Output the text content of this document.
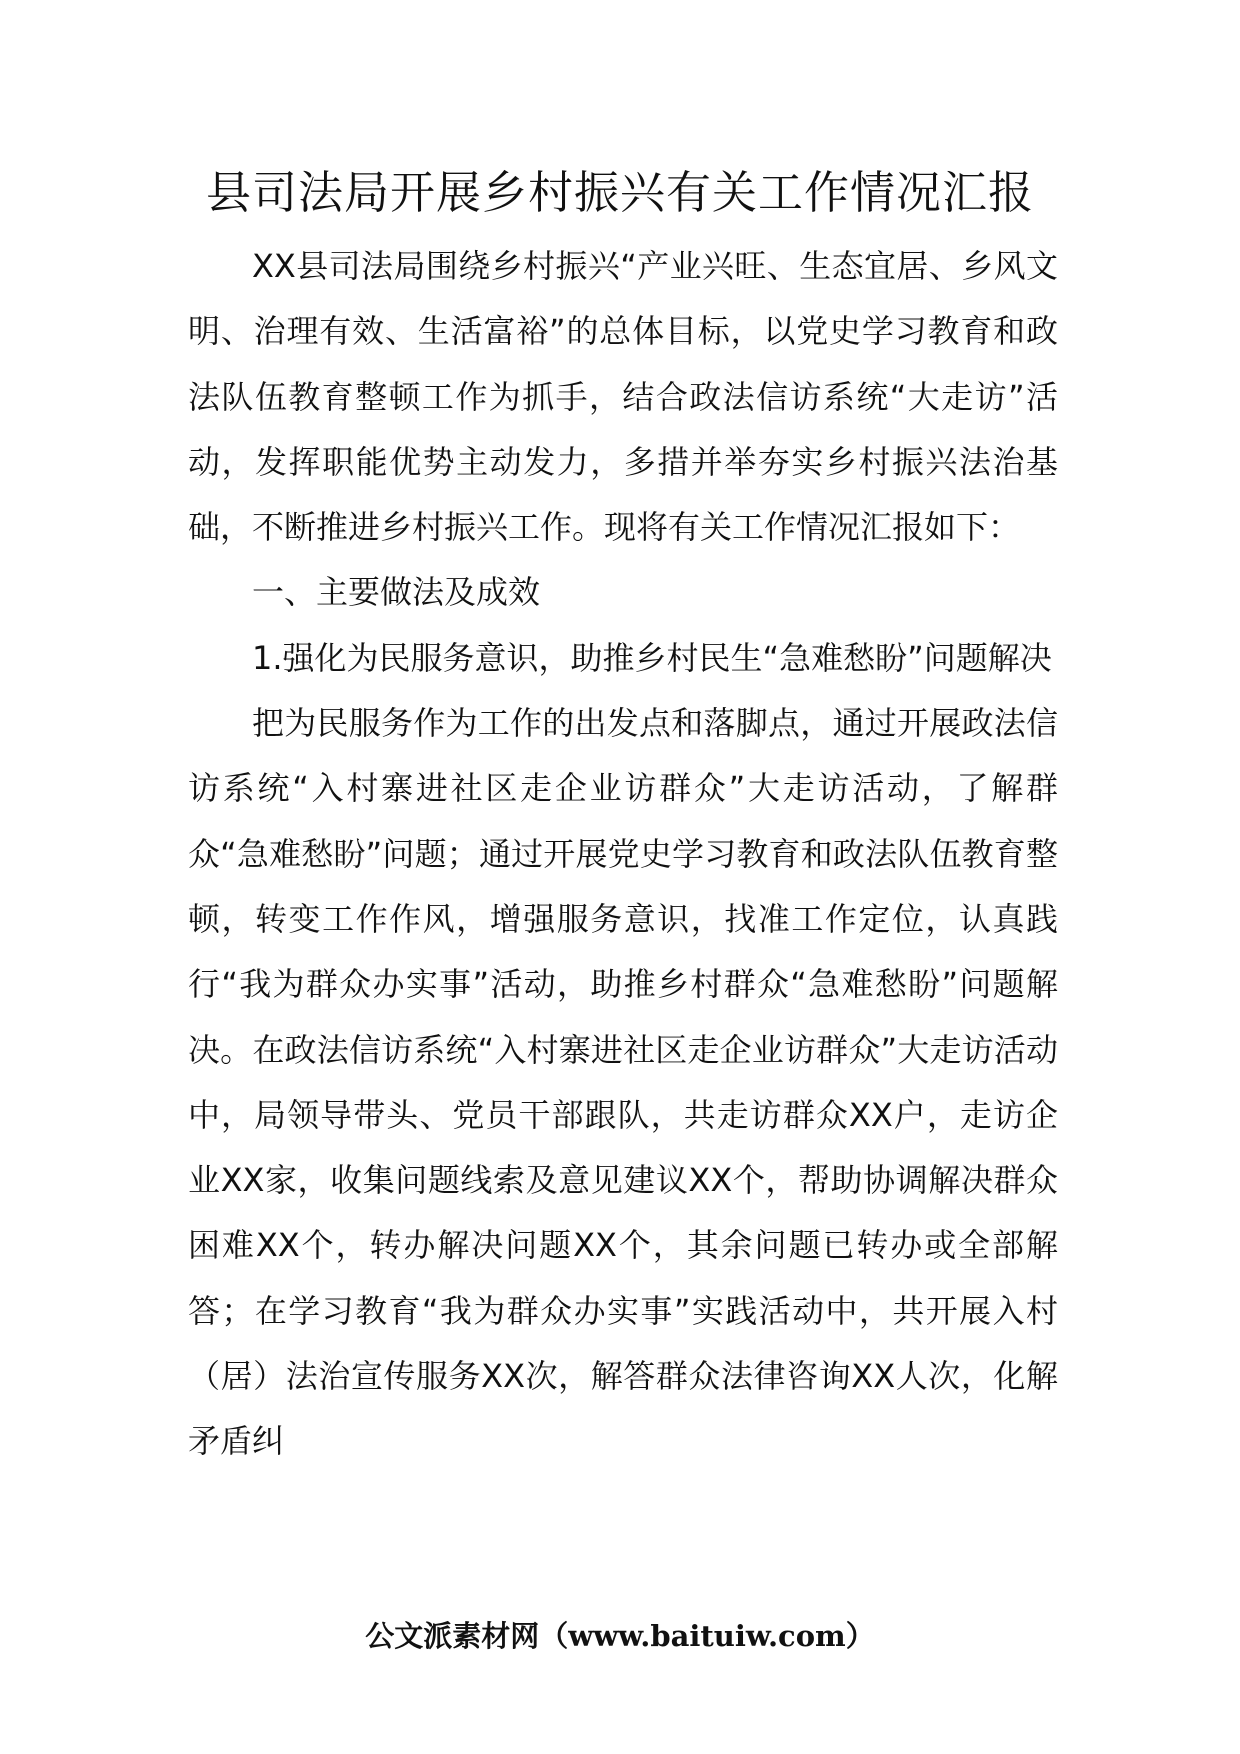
县司法局开展乡村振兴有关工作情况汇报

XX县司法局围绕乡村振兴“产业兴旺、生态宜居、乡风文明、治理有效、生活富裕”的总体目标，以党史学习教育和政法队伍教育整顿工作为抓手，结合政法信访系统“大走访”活动，发挥职能优势主动发力，多措并举夯实乡村振兴法治基础，不断推进乡村振兴工作。现将有关工作情况汇报如下：

一、主要做法及成效

1.强化为民服务意识，助推乡村民生“急难愁盼”问题解决

把为民服务作为工作的出发点和落脚点，通过开展政法信访系统“入村寨进社区走企业访群众”大走访活动，了解群众“急难愁盼”问题；通过开展党史学习教育和政法队伍教育整顿，转变工作作风，增强服务意识，找准工作定位，认真践行“我为群众办实事”活动，助推乡村群众“急难愁盼”问题解决。在政法信访系统“入村寨进社区走企业访群众”大走访活动中，局领导带头、党员干部跟队，共走访群众XX户，走访企业XX家，收集问题线索及意见建议XX个，帮助协调解决群众困难XX个，转办解决问题XX个，其余问题已转办或全部解答；在学习教育“我为群众办实事”实践活动中，共开展入村（居）法治宣传服务XX次，解答群众法律咨询XX人次，化解矛盾纠

公文派素材网（www.baituiw.com）
